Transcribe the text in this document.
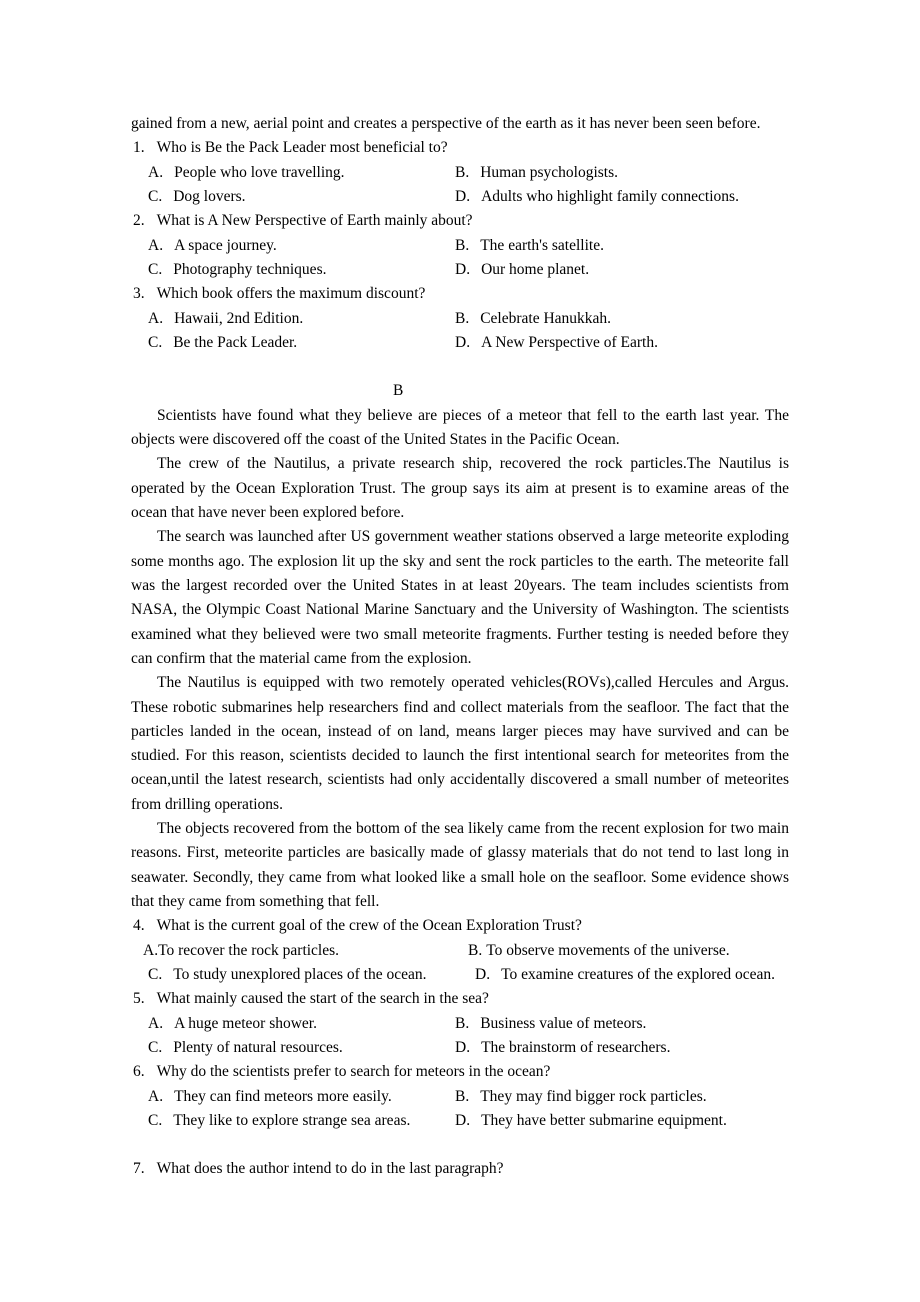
gained from a new, aerial point and creates a perspective of the earth as it has never been seen before.

1. Who is Be the Pack Leader most beneficial to?

A. People who love travelling.	B. Human psychologists.
C. Dog lovers.	D. Adults who highlight family connections.

2. What is A New Perspective of Earth mainly about?

A. A space journey.	B. The earth's satellite.
C. Photography techniques.	D. Our home planet.

3. Which book offers the maximum discount?

A. Hawaii, 2nd Edition.	B. Celebrate Hanukkah.
C. Be the Pack Leader.	D. A New Perspective of Earth.

B

Scientists have found what they believe are pieces of a meteor that fell to the earth last year. The objects were discovered off the coast of the United States in the Pacific Ocean.

The crew of the Nautilus, a private research ship, recovered the rock particles.The Nautilus is operated by the Ocean Exploration Trust. The group says its aim at present is to examine areas of the ocean that have never been explored before.

The search was launched after US government weather stations observed a large meteorite exploding some months ago. The explosion lit up the sky and sent the rock particles to the earth. The meteorite fall was the largest recorded over the United States in at least 20years. The team includes scientists from NASA, the Olympic Coast National Marine Sanctuary and the University of Washington. The scientists examined what they believed were two small meteorite fragments. Further testing is needed before they can confirm that the material came from the explosion.

The Nautilus is equipped with two remotely operated vehicles(ROVs),called Hercules and Argus. These robotic submarines help researchers find and collect materials from the seafloor. The fact that the particles landed in the ocean, instead of on land, means larger pieces may have survived and can be studied. For this reason, scientists decided to launch the first intentional search for meteorites from the ocean,until the latest research, scientists had only accidentally discovered a small number of meteorites from drilling operations.

The objects recovered from the bottom of the sea likely came from the recent explosion for two main reasons. First, meteorite particles are basically made of glassy materials that do not tend to last long in seawater. Secondly, they came from what looked like a small hole on the seafloor. Some evidence shows that they came from something that fell.

4. What is the current goal of the crew of the Ocean Exploration Trust?

A.To recover the rock particles.	B. To observe movements of the universe.
C. To study unexplored places of the ocean.	D. To examine creatures of the explored ocean.

5. What mainly caused the start of the search in the sea?

A. A huge meteor shower.	B. Business value of meteors.
C. Plenty of natural resources.	D. The brainstorm of researchers.

6. Why do the scientists prefer to search for meteors in the ocean?

A. They can find meteors more easily.	B. They may find bigger rock particles.
C. They like to explore strange sea areas.	D. They have better submarine equipment.

7. What does the author intend to do in the last paragraph?
